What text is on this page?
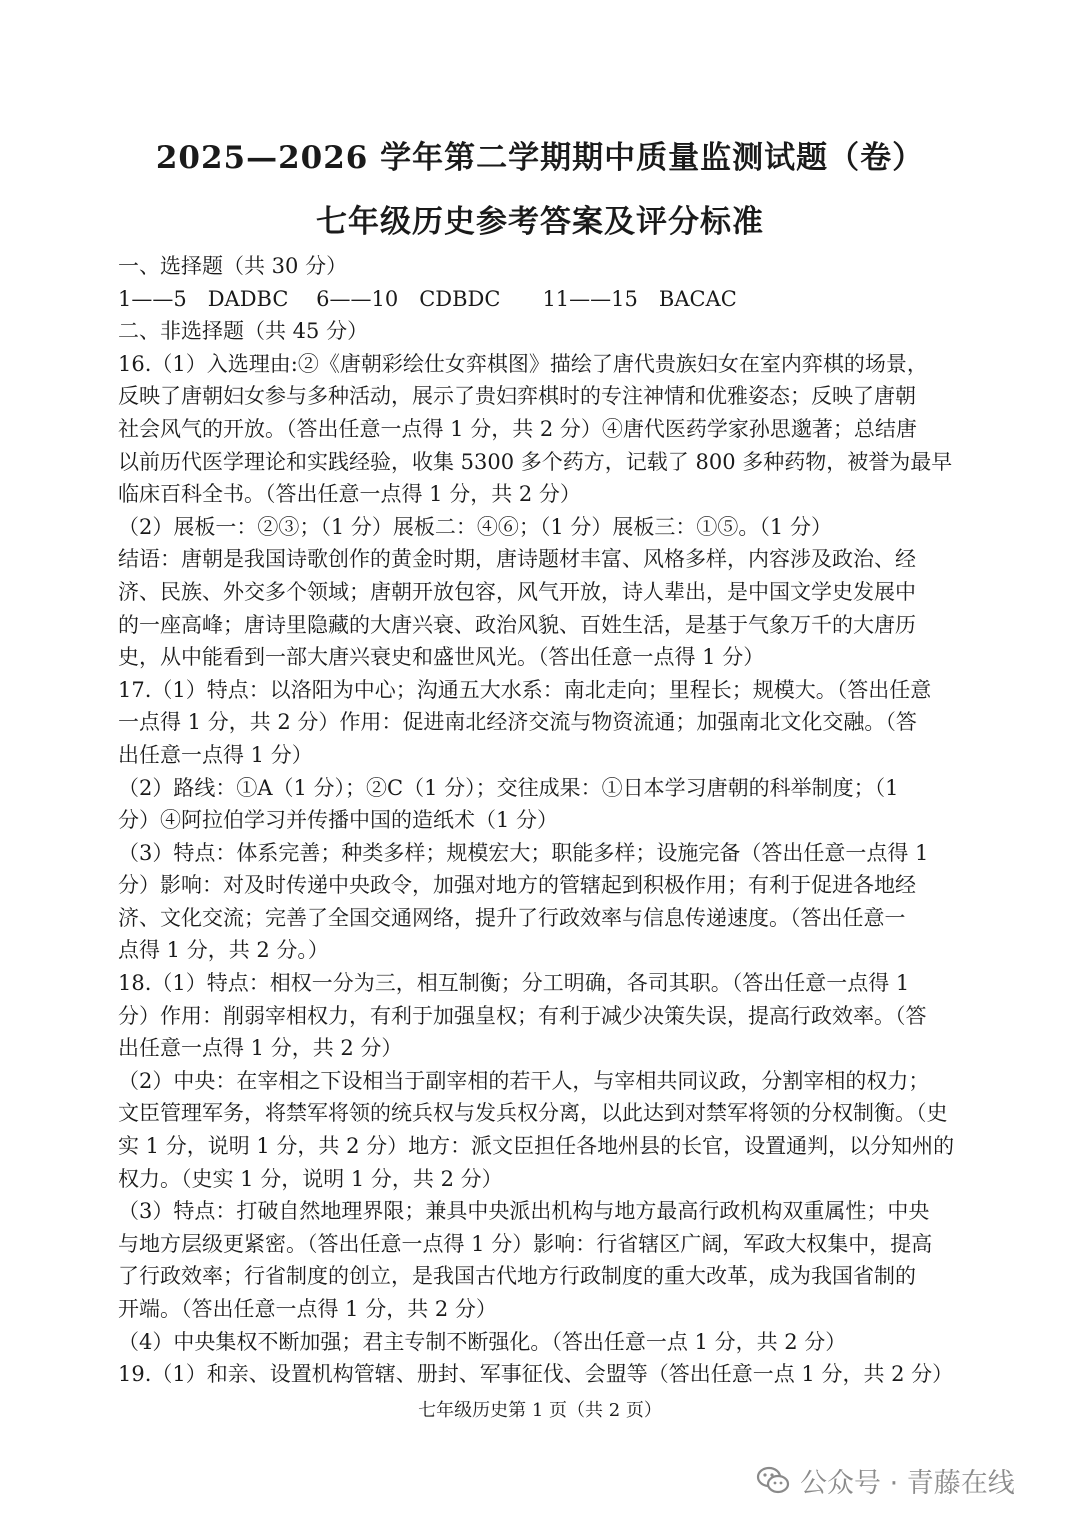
2025—2026 学年第二学期期中质量监测试题（卷）
七年级历史参考答案及评分标准
一、选择题（共 30 分）
1——5　DADBC　 6——10　CDBDC　　11——15　BACAC
二、非选择题（共 45 分）
16.（1）入选理由:②《唐朝彩绘仕女弈棋图》描绘了唐代贵族妇女在室内弈棋的场景，
反映了唐朝妇女参与多种活动，展示了贵妇弈棋时的专注神情和优雅姿态；反映了唐朝
社会风气的开放。（答出任意一点得 1 分，共 2 分）④唐代医药学家孙思邈著；总结唐
以前历代医学理论和实践经验，收集 5300 多个药方，记载了 800 多种药物，被誉为最早
临床百科全书。（答出任意一点得 1 分，共 2 分）
（2）展板一：②③；（1 分）展板二：④⑥；（1 分）展板三：①⑤。（1 分）
结语：唐朝是我国诗歌创作的黄金时期，唐诗题材丰富、风格多样，内容涉及政治、经
济、民族、外交多个领域；唐朝开放包容，风气开放，诗人辈出，是中国文学史发展中
的一座高峰；唐诗里隐藏的大唐兴衰、政治风貌、百姓生活，是基于气象万千的大唐历
史，从中能看到一部大唐兴衰史和盛世风光。（答出任意一点得 1 分）
17.（1）特点：以洛阳为中心；沟通五大水系：南北走向；里程长；规模大。（答出任意
一点得 1 分，共 2 分）作用：促进南北经济交流与物资流通；加强南北文化交融。（答
出任意一点得 1 分）
（2）路线：①A（1 分）；②C（1 分）；交往成果：①日本学习唐朝的科举制度；（1
分）④阿拉伯学习并传播中国的造纸术（1 分）
（3）特点：体系完善；种类多样；规模宏大；职能多样；设施完备（答出任意一点得 1
分）影响：对及时传递中央政令，加强对地方的管辖起到积极作用；有利于促进各地经
济、文化交流；完善了全国交通网络，提升了行政效率与信息传递速度。（答出任意一
点得 1 分，共 2 分。）
18.（1）特点：相权一分为三，相互制衡；分工明确，各司其职。（答出任意一点得 1
分）作用：削弱宰相权力，有利于加强皇权；有利于减少决策失误，提高行政效率。（答
出任意一点得 1 分，共 2 分）
（2）中央：在宰相之下设相当于副宰相的若干人，与宰相共同议政，分割宰相的权力；
文臣管理军务，将禁军将领的统兵权与发兵权分离，以此达到对禁军将领的分权制衡。（史
实 1 分，说明 1 分，共 2 分）地方：派文臣担任各地州县的长官，设置通判，以分知州的
权力。（史实 1 分，说明 1 分，共 2 分）
（3）特点：打破自然地理界限；兼具中央派出机构与地方最高行政机构双重属性；中央
与地方层级更紧密。（答出任意一点得 1 分）影响：行省辖区广阔，军政大权集中，提高
了行政效率；行省制度的创立，是我国古代地方行政制度的重大改革，成为我国省制的
开端。（答出任意一点得 1 分，共 2 分）
（4）中央集权不断加强；君主专制不断强化。（答出任意一点 1 分，共 2 分）
19.（1）和亲、设置机构管辖、册封、军事征伐、会盟等（答出任意一点 1 分，共 2 分）
七年级历史第 1 页（共 2 页）
公众号 · 青藤在线
